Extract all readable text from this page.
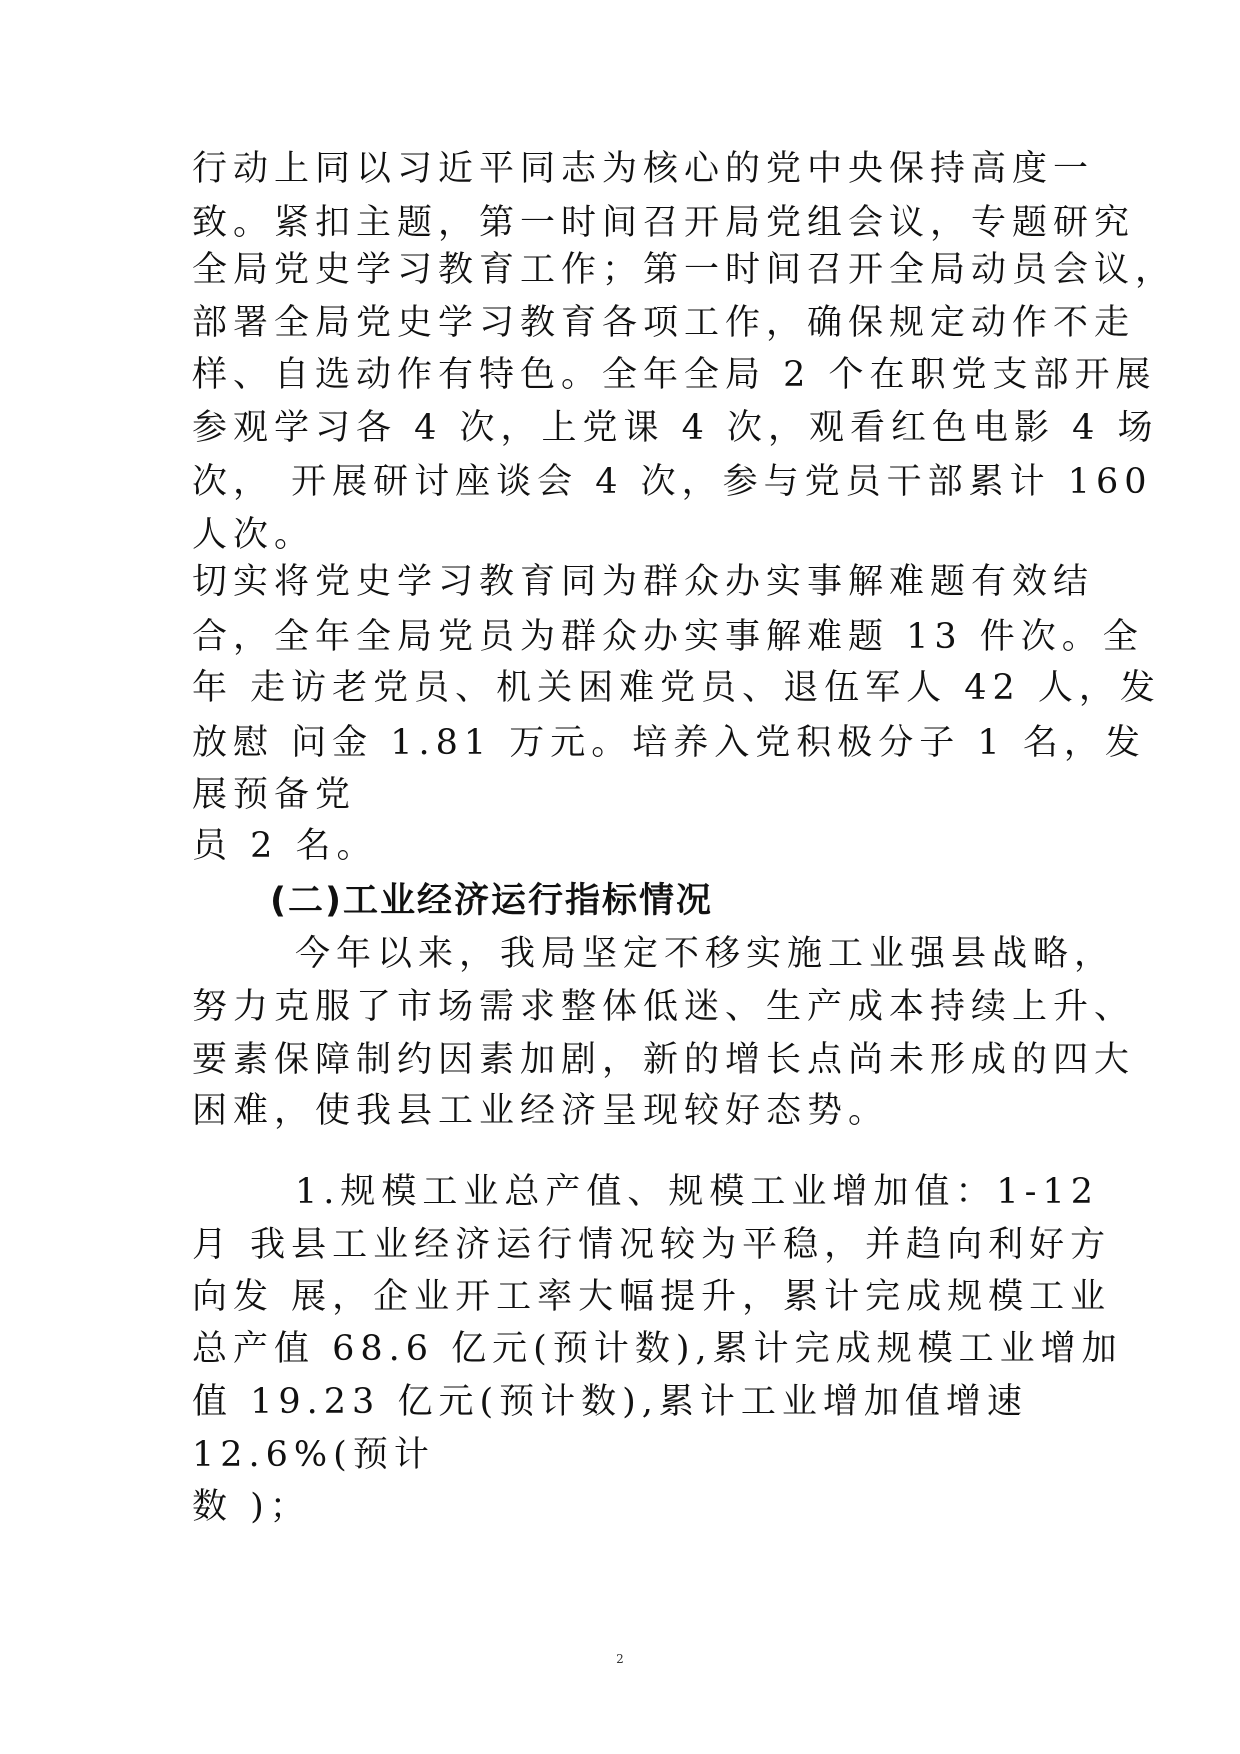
行动上同以习近平同志为核心的党中央保持高度一
致。紧扣主题，第一时间召开局党组会议，专题研究
全局党史学习教育工作；第一时间召开全局动员会议，
部署全局党史学习教育各项工作，确保规定动作不走
样、自选动作有特色。全年全局 2 个在职党支部开展
参观学习各 4 次，上党课 4 次，观看红色电影 4 场
次， 开展研讨座谈会 4 次，参与党员干部累计 160
人次。
切实将党史学习教育同为群众办实事解难题有效结
合，全年全局党员为群众办实事解难题 13 件次。全
年 走访老党员、机关困难党员、退伍军人 42 人，发
放慰 问金 1.81 万元。培养入党积极分子 1 名，发
展预备党
员 2 名。
(二)工业经济运行指标情况
今年以来，我局坚定不移实施工业强县战略，
努力克服了市场需求整体低迷、生产成本持续上升、
要素保障制约因素加剧，新的增长点尚未形成的四大
困难，使我县工业经济呈现较好态势。
1.规模工业总产值、规模工业增加值：1-12
月 我县工业经济运行情况较为平稳，并趋向利好方
向发 展，企业开工率大幅提升，累计完成规模工业
总产值 68.6 亿元(预计数),累计完成规模工业增加
值 19.23 亿元(预计数),累计工业增加值增速
12.6%(预计
数 )；
2
